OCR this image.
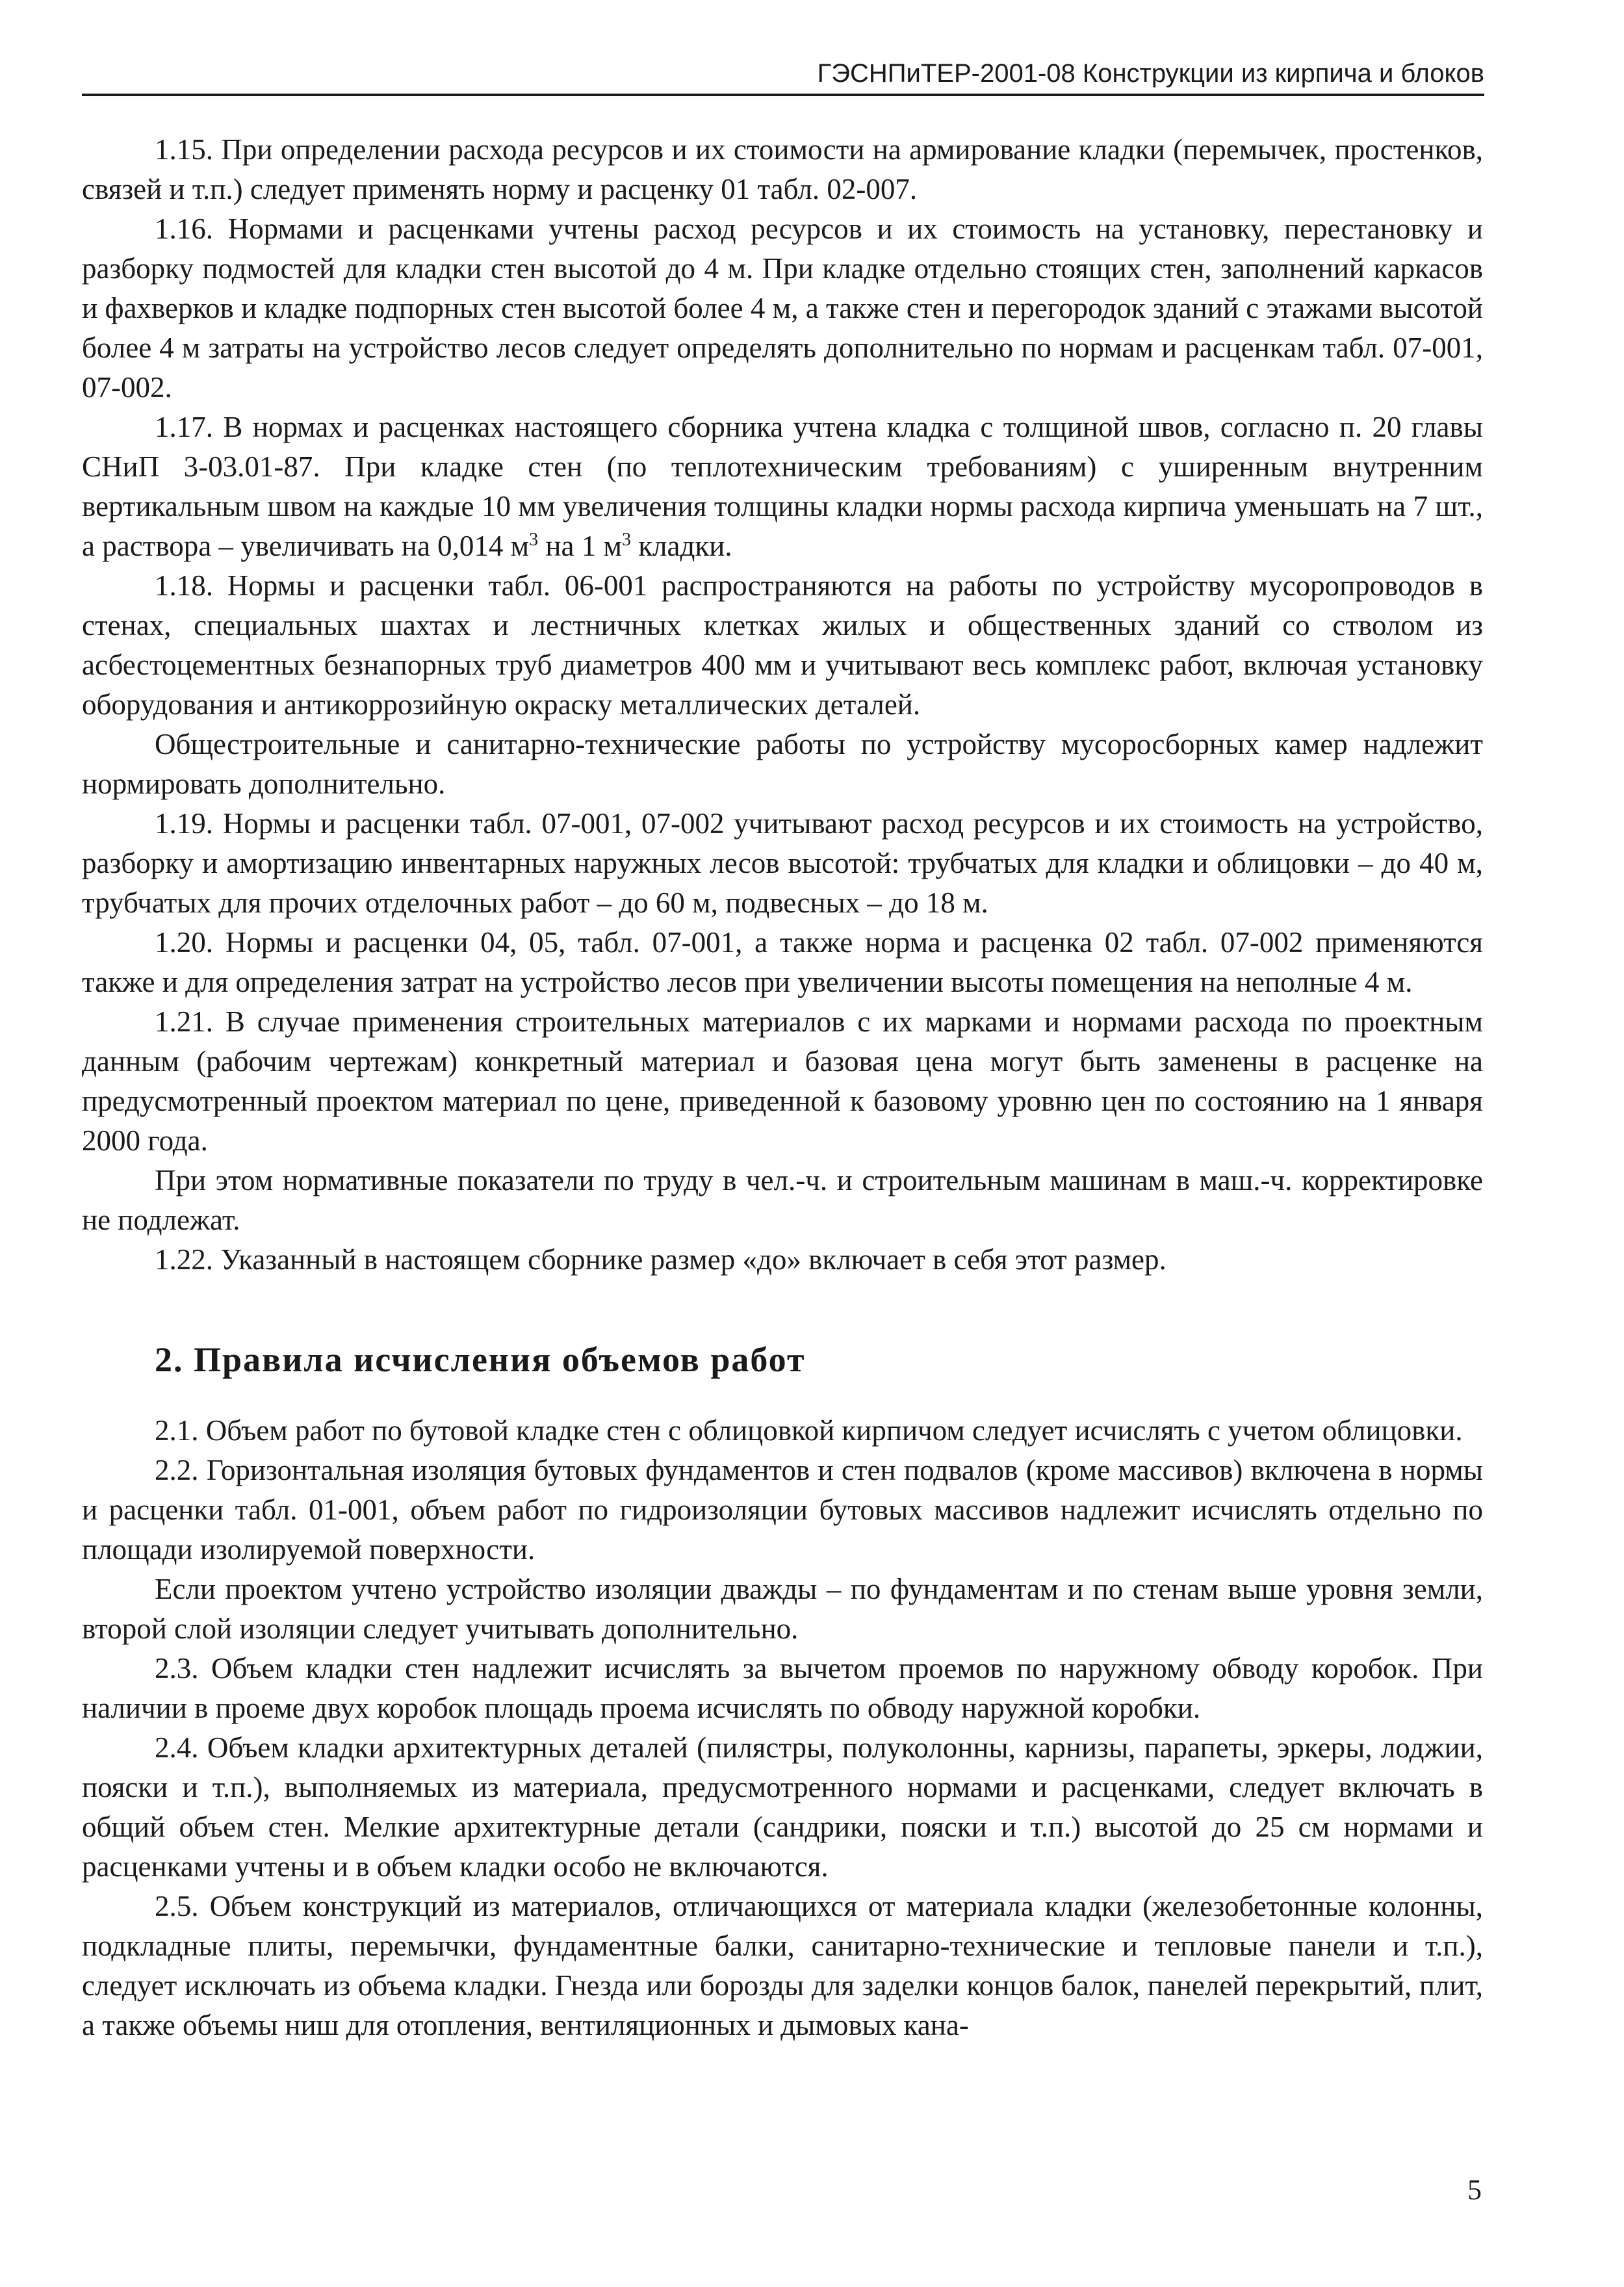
ГЭСНПиТЕР-2001-08 Конструкции из кирпича и блоков

1.15. При определении расхода ресурсов и их стоимости на армирование кладки (перемычек, простенков, связей и т.п.) следует применять норму и расценку 01 табл. 02-007.

1.16. Нормами и расценками учтены расход ресурсов и их стоимость на установку, перестановку и разборку подмостей для кладки стен высотой до 4 м. При кладке отдельно стоящих стен, заполнений каркасов и фахверков и кладке подпорных стен высотой более 4 м, а также стен и перегородок зданий с этажами высотой более 4 м затраты на устройство лесов следует определять дополнительно по нормам и расценкам табл. 07-001, 07-002.

1.17. В нормах и расценках настоящего сборника учтена кладка с толщиной швов, согласно п. 20 главы СНиП 3-03.01-87. При кладке стен (по теплотехническим требованиям) с уширенным внутренним вертикальным швом на каждые 10 мм увеличения толщины кладки нормы расхода кирпича уменьшать на 7 шт., а раствора – увеличивать на 0,014 $м^3$ на 1 $м^3$ кладки.

1.18. Нормы и расценки табл. 06-001 распространяются на работы по устройству мусоропроводов в стенах, специальных шахтах и лестничных клетках жилых и общественных зданий со стволом из асбестоцементных безнапорных труб диаметров 400 мм и учитывают весь комплекс работ, включая установку оборудования и антикоррозийную окраску металлических деталей.

Общестроительные и санитарно-технические работы по устройству мусоросборных камер надлежит нормировать дополнительно.

1.19. Нормы и расценки табл. 07-001, 07-002 учитывают расход ресурсов и их стоимость на устройство, разборку и амортизацию инвентарных наружных лесов высотой: трубчатых для кладки и облицовки – до 40 м, трубчатых для прочих отделочных работ – до 60 м, подвесных – до 18 м.

1.20. Нормы и расценки 04, 05, табл. 07-001, а также норма и расценка 02 табл. 07-002 применяются также и для определения затрат на устройство лесов при увеличении высоты помещения на неполные 4 м.

1.21. В случае применения строительных материалов с их марками и нормами расхода по проектным данным (рабочим чертежам) конкретный материал и базовая цена могут быть заменены в расценке на предусмотренный проектом материал по цене, приведенной к базовому уровню цен по состоянию на 1 января 2000 года.

При этом нормативные показатели по труду в чел.-ч. и строительным машинам в маш.-ч. корректировке не подлежат.

1.22. Указанный в настоящем сборнике размер «до» включает в себя этот размер.

2. Правила исчисления объемов работ

2.1. Объем работ по бутовой кладке стен с облицовкой кирпичом следует исчислять с учетом облицовки.

2.2. Горизонтальная изоляция бутовых фундаментов и стен подвалов (кроме массивов) включена в нормы и расценки табл. 01-001, объем работ по гидроизоляции бутовых массивов надлежит исчислять отдельно по площади изолируемой поверхности.

Если проектом учтено устройство изоляции дважды – по фундаментам и по стенам выше уровня земли, второй слой изоляции следует учитывать дополнительно.

2.3. Объем кладки стен надлежит исчислять за вычетом проемов по наружному обводу коробок. При наличии в проеме двух коробок площадь проема исчислять по обводу наружной коробки.

2.4. Объем кладки архитектурных деталей (пилястры, полуколонны, карнизы, парапеты, эркеры, лоджии, пояски и т.п.), выполняемых из материала, предусмотренного нормами и расценками, следует включать в общий объем стен. Мелкие архитектурные детали (сандрики, пояски и т.п.) высотой до 25 см нормами и расценками учтены и в объем кладки особо не включаются.

2.5. Объем конструкций из материалов, отличающихся от материала кладки (железобетонные колонны, подкладные плиты, перемычки, фундаментные балки, санитарно-технические и тепловые панели и т.п.), следует исключать из объема кладки. Гнезда или борозды для заделки концов балок, панелей перекрытий, плит, а также объемы ниш для отопления, вентиляционных и дымовых кана-

5
